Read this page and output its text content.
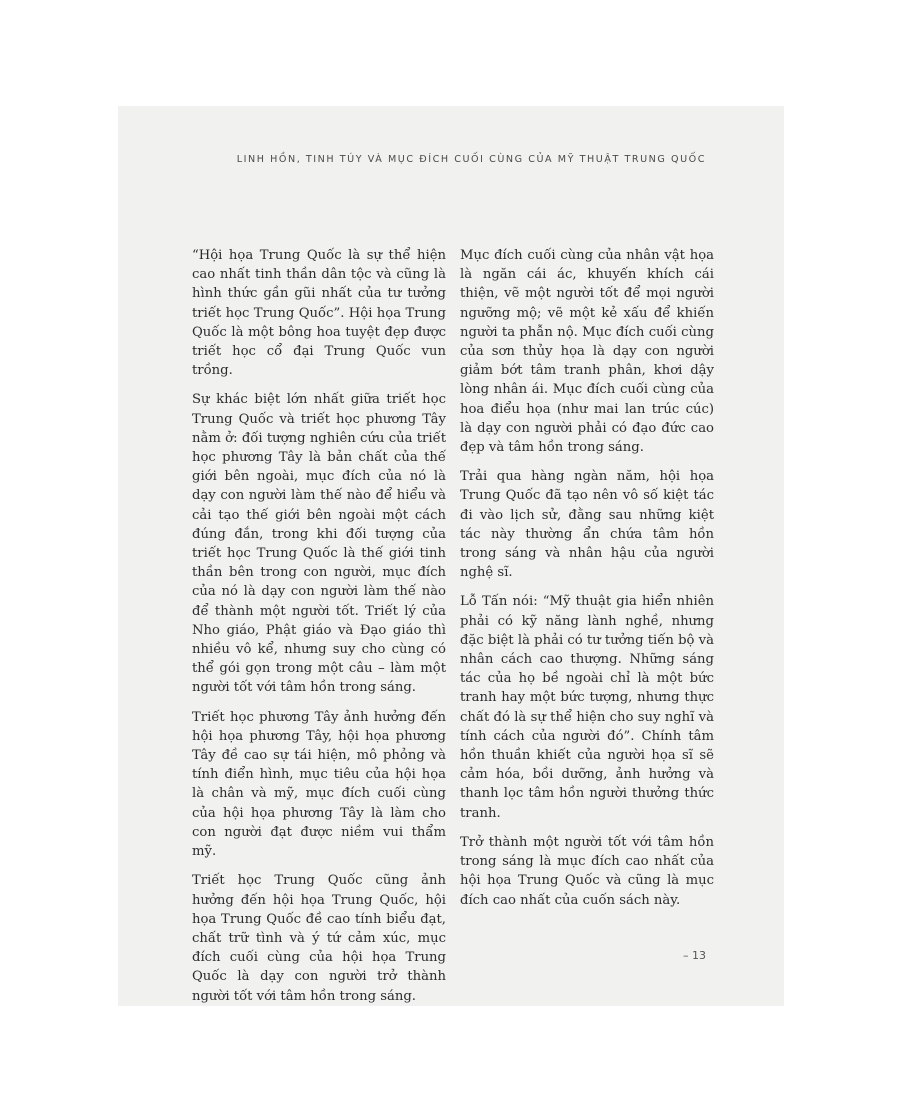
LINH HỒN, TINH TÚY VÀ MỤC ĐÍCH CUỐI CÙNG CỦA MỸ THUẬT TRUNG QUỐC

“Hội họa Trung Quốc là sự thể hiện cao nhất tinh thần dân tộc và cũng là hình thức gần gũi nhất của tư tưởng triết học Trung Quốc”. Hội họa Trung Quốc là một bông hoa tuyệt đẹp được triết học cổ đại Trung Quốc vun trồng.

Sự khác biệt lớn nhất giữa triết học Trung Quốc và triết học phương Tây nằm ở: đối tượng nghiên cứu của triết học phương Tây là bản chất của thế giới bên ngoài, mục đích của nó là dạy con người làm thế nào để hiểu và cải tạo thế giới bên ngoài một cách đúng đắn, trong khi đối tượng của triết học Trung Quốc là thế giới tinh thần bên trong con người, mục đích của nó là dạy con người làm thế nào để thành một người tốt. Triết lý của Nho giáo, Phật giáo và Đạo giáo thì nhiều vô kể, nhưng suy cho cùng có thể gói gọn trong một câu – làm một người tốt với tâm hồn trong sáng.

Triết học phương Tây ảnh hưởng đến hội họa phương Tây, hội họa phương Tây đề cao sự tái hiện, mô phỏng và tính điển hình, mục tiêu của hội họa là chân và mỹ, mục đích cuối cùng của hội họa phương Tây là làm cho con người đạt được niềm vui thẩm mỹ.

Triết học Trung Quốc cũng ảnh hưởng đến hội họa Trung Quốc, hội họa Trung Quốc đề cao tính biểu đạt, chất trữ tình và ý tứ cảm xúc, mục đích cuối cùng của hội họa Trung Quốc là dạy con người trở thành người tốt với tâm hồn trong sáng.

Mục đích cuối cùng của nhân vật họa là ngăn cái ác, khuyến khích cái thiện, vẽ một người tốt để mọi người ngưỡng mộ; vẽ một kẻ xấu để khiến người ta phẫn nộ. Mục đích cuối cùng của sơn thủy họa là dạy con người giảm bớt tâm tranh phân, khơi dậy lòng nhân ái. Mục đích cuối cùng của hoa điểu họa (như mai lan trúc cúc) là dạy con người phải có đạo đức cao đẹp và tâm hồn trong sáng.

Trải qua hàng ngàn năm, hội họa Trung Quốc đã tạo nên vô số kiệt tác đi vào lịch sử, đằng sau những kiệt tác này thường ẩn chứa tâm hồn trong sáng và nhân hậu của người nghệ sĩ.

Lỗ Tấn nói: “Mỹ thuật gia hiển nhiên phải có kỹ năng lành nghề, nhưng đặc biệt là phải có tư tưởng tiến bộ và nhân cách cao thượng. Những sáng tác của họ bề ngoài chỉ là một bức tranh hay một bức tượng, nhưng thực chất đó là sự thể hiện cho suy nghĩ và tính cách của người đó”. Chính tâm hồn thuần khiết của người họa sĩ sẽ cảm hóa, bồi dưỡng, ảnh hưởng và thanh lọc tâm hồn người thưởng thức tranh.

Trở thành một người tốt với tâm hồn trong sáng là mục đích cao nhất của hội họa Trung Quốc và cũng là mục đích cao nhất của cuốn sách này.

– 13
